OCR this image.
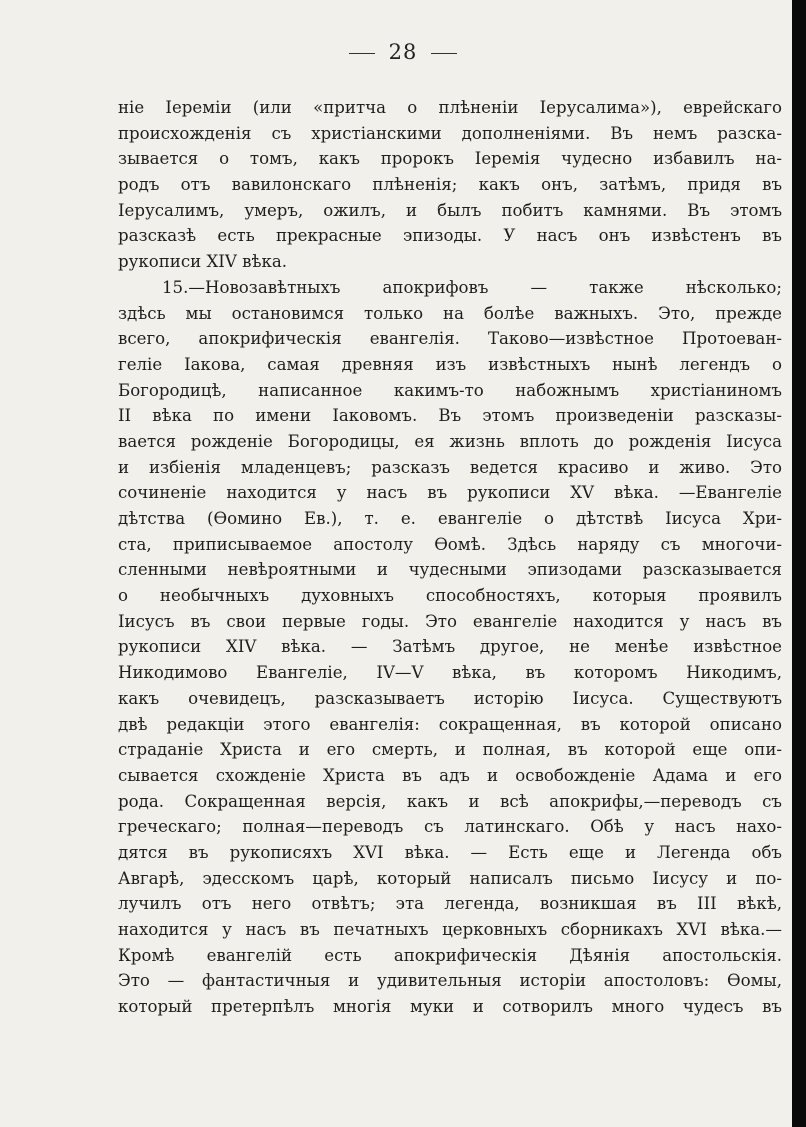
28
ніе Іереміи (или «притча о плѣненіи Іерусалима»), еврейскаго
происхожденія съ христіанскими дополненіями. Въ немъ разска-
зывается о томъ, какъ пророкъ Іеремія чудесно избавилъ на-
родъ отъ вавилонскаго плѣненія; какъ онъ, затѣмъ, придя въ
Іерусалимъ, умеръ, ожилъ, и былъ побитъ камнями. Въ этомъ
разсказѣ есть прекрасные эпизоды. У насъ онъ извѣстенъ въ
рукописи XIV вѣка.
15.—Новозавѣтныхъ апокрифовъ — также нѣсколько;
здѣсь мы остановимся только на болѣе важныхъ. Это, прежде
всего, апокрифическія евангелія. Таково—извѣстное Протоеван-
геліе Іакова, самая древняя изъ извѣстныхъ нынѣ легендъ о
Богородицѣ, написанное какимъ-то набожнымъ христіаниномъ
II вѣка по имени Іаковомъ. Въ этомъ произведеніи разсказы-
вается рожденіе Богородицы, ея жизнь вплоть до рожденія Іисуса
и избіенія младенцевъ; разсказъ ведется красиво и живо. Это
сочиненіе находится у насъ въ рукописи XV вѣка. —Евангеліе
дѣтства (Ѳомино Ев.), т. е. евангеліе о дѣтствѣ Іисуса Хри-
ста, приписываемое апостолу Ѳомѣ. Здѣсь наряду съ многочи-
сленными невѣроятными и чудесными эпизодами разсказывается
о необычныхъ духовныхъ способностяхъ, которыя проявилъ
Іисусъ въ свои первые годы. Это евангеліе находится у насъ въ
рукописи XIV вѣка. — Затѣмъ другое, не менѣе извѣстное
Никодимово Евангеліе, IV—V вѣка, въ которомъ Никодимъ,
какъ очевидецъ, разсказываетъ исторію Іисуса. Существуютъ
двѣ редакціи этого евангелія: сокращенная, въ которой описано
страданіе Христа и его смерть, и полная, въ которой еще опи-
сывается схожденіе Христа въ адъ и освобожденіе Адама и его
рода. Сокращенная версія, какъ и всѣ апокрифы,—переводъ съ
греческаго; полная—переводъ съ латинскаго. Обѣ у насъ нахо-
дятся въ рукописяхъ XVI вѣка. — Есть еще и Легенда объ
Авгарѣ, эдесскомъ царѣ, который написалъ письмо Іисусу и по-
лучилъ отъ него отвѣтъ; эта легенда, возникшая въ III вѣкѣ,
находится у насъ въ печатныхъ церковныхъ сборникахъ XVI вѣка.—
Кромѣ евангелій есть апокрифическія Дѣянія апостольскія.
Это — фантастичныя и удивительныя исторіи апостоловъ: Ѳомы,
который претерпѣлъ многія муки и сотворилъ много чудесъ въ
